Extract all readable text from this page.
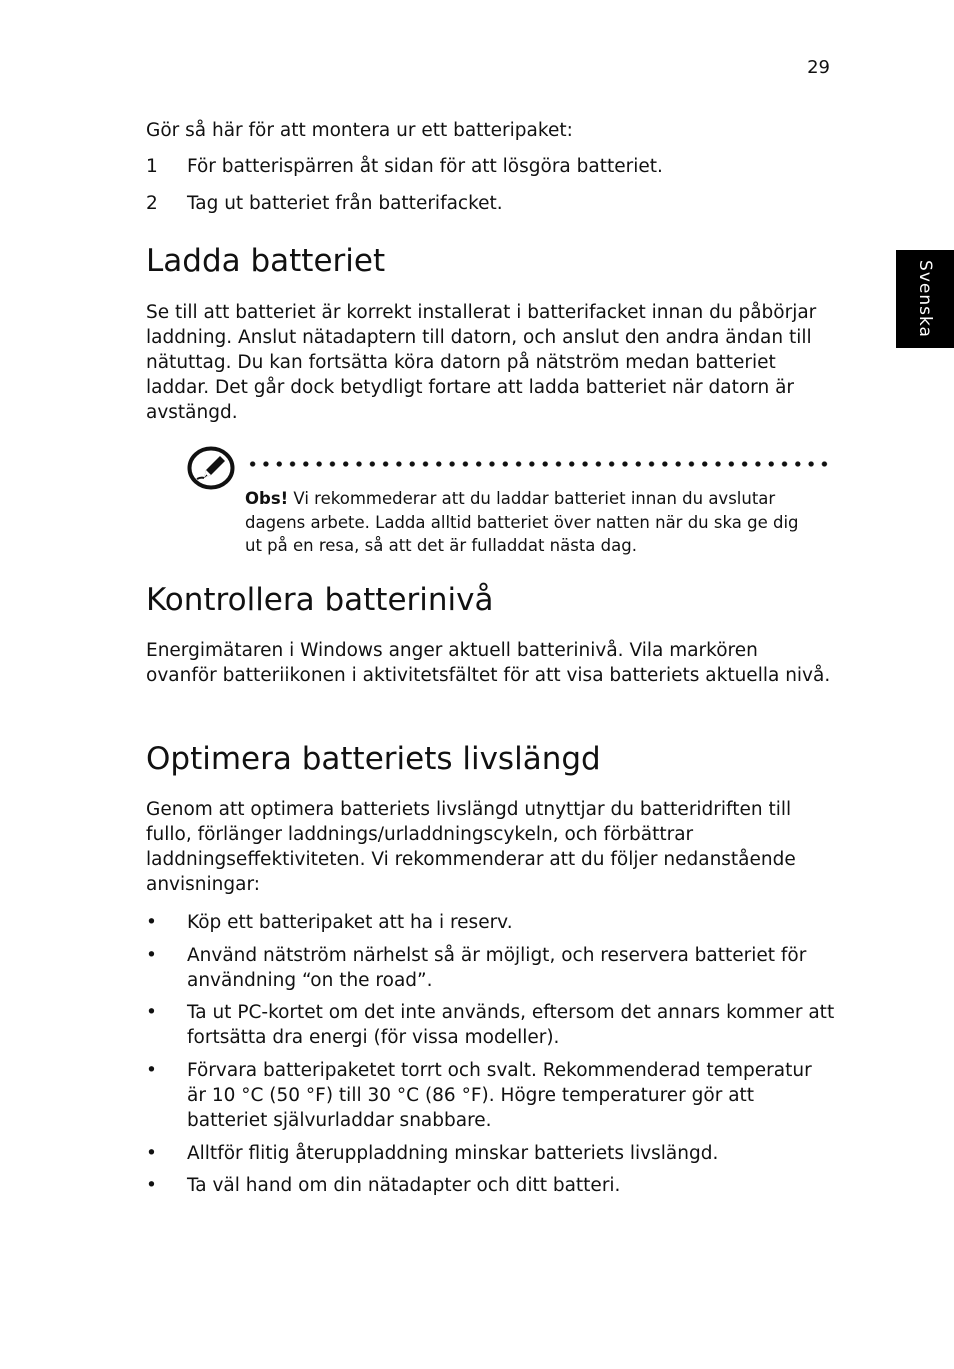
29
Svenska

Gör så här för att montera ur ett batteripaket:

1 För batterispärren åt sidan för att lösgöra batteriet.
2 Tag ut batteriet från batterifacket.
Ladda batteriet

Se till att batteriet är korrekt installerat i batterifacket innan du påbörjar laddning. Anslut nätadaptern till datorn, och anslut den andra ändan till nätuttag. Du kan fortsätta köra datorn på nätström medan batteriet laddar. Det går dock betydligt fortare att ladda batteriet när datorn är avstängd.

Kontrollera batterinivå

Energimätaren i Windows anger aktuell batterinivå. Vila markören ovanför batteriikonen i aktivitetsfältet för att visa batteriets aktuella nivå.

Optimera batteriets livslängd

Genom att optimera batteriets livslängd utnyttjar du batteridriften till fullo, förlänger laddnings/urladdningscykeln, och förbättrar laddningseffektiviteten. Vi rekommenderar att du följer nedanstående anvisningar:

• Köp ett batteripaket att ha i reserv.
• Använd nätström närhelst så är möjligt, och reservera batteriet för användning “on the road”.
• Ta ut PC-kortet om det inte används, eftersom det annars kommer att fortsätta dra energi (för vissa modeller).
• Förvara batteripaketet torrt och svalt. Rekommenderad temperatur är 10 °C (50 °F) till 30 °C (86 °F). Högre temperaturer gör att batteriet självurladdar snabbare.
• Alltför flitig återuppladdning minskar batteriets livslängd.
• Ta väl hand om din nätadapter och ditt batteri.

Obs! Vi rekommederar att du laddar batteriet innan du avslutar dagens arbete. Ladda alltid batteriet över natten när du ska ge dig ut på en resa, så att det är fulladdat nästa dag.
